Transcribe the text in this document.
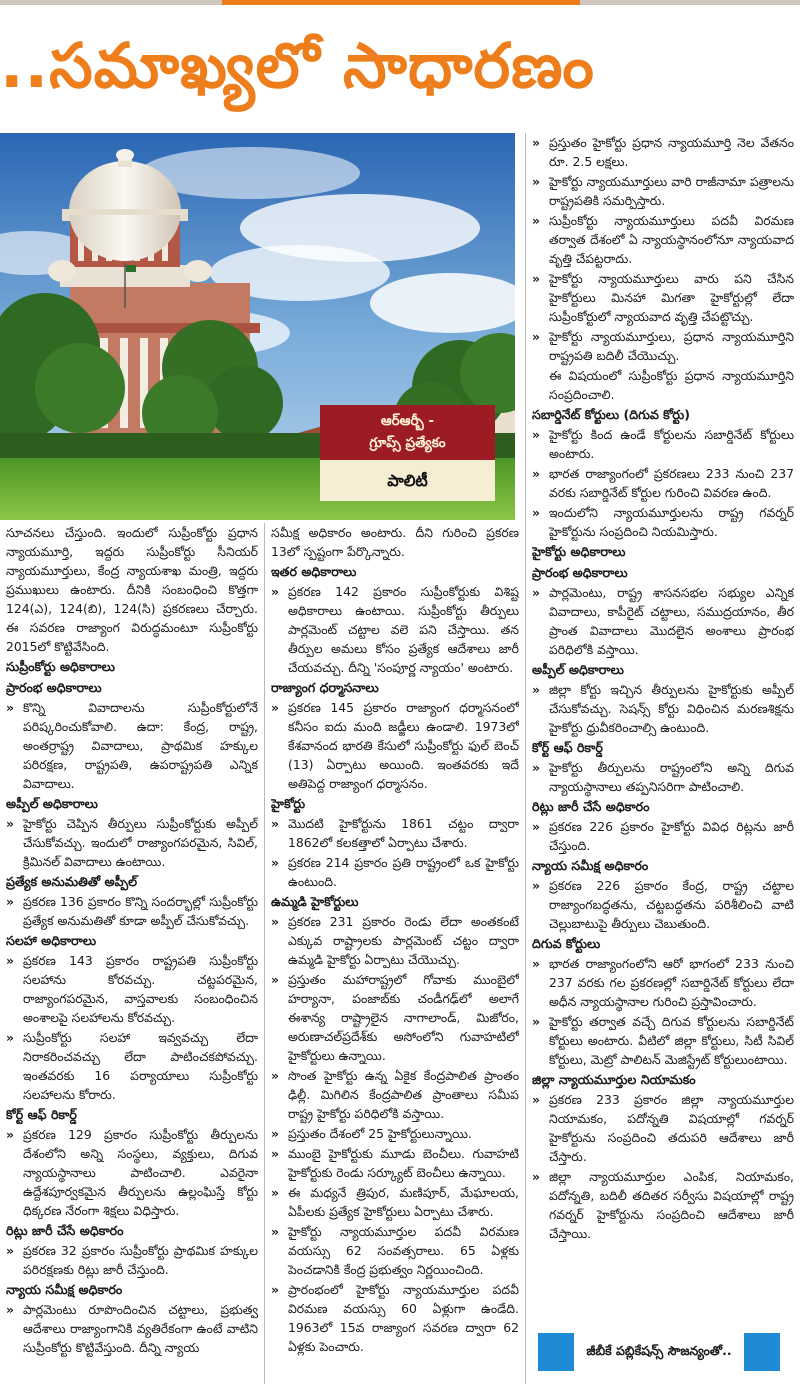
..సమాఖ్యలో సాధారణం
ఆర్ఆర్బీ -
గ్రూప్స్ ప్రత్యేకం
పాలిటీ
సూచనలు చేస్తుంది. ఇందులో సుప్రీంకోర్టు ప్రధాన న్యాయమూర్తి, ఇద్దరు సుప్రీంకోర్టు సీనియర్ న్యాయమూర్తులు, కేంద్ర న్యాయశాఖ మంత్రి, ఇద్దరు ప్రముఖులు ఉంటారు. దీనికి సంబంధించి కొత్తగా 124(ఎ), 124(బి), 124(సి) ప్రకరణలు చేర్చారు. ఈ సవరణ రాజ్యాంగ విరుద్ధమంటూ సుప్రీంకోర్టు 2015లో కొట్టివేసింది.
సుప్రీంకోర్టు అధికారాలు
ప్రారంభ అధికారాలు
» కొన్ని వివాదాలను సుప్రీంకోర్టులోనే పరిష్కరించుకోవాలి. ఉదా: కేంద్ర, రాష్ట్ర, అంతర్రాష్ట్ర వివాదాలు, ప్రాథమిక హక్కుల పరిరక్షణ, రాష్ట్రపతి, ఉపరాష్ట్రపతి ఎన్నిక వివాదాలు.
అప్పీల్ అధికారాలు
» హైకోర్టు చెప్పిన తీర్పులు సుప్రీంకోర్టుకు అప్పీల్ చేసుకోవచ్చు. ఇందులో రాజ్యాంగపరమైన, సివిల్, క్రిమినల్ వివాదాలు ఉంటాయి.
ప్రత్యేక అనుమతితో అప్పీల్
» ప్రకరణ 136 ప్రకారం కొన్ని సందర్భాల్లో సుప్రీంకోర్టు ప్రత్యేక అనుమతితో కూడా అప్పీల్ చేసుకోవచ్చు.
సలహా అధికారాలు
» ప్రకరణ 143 ప్రకారం రాష్ట్రపతి సుప్రీంకోర్టు సలహాను కోరవచ్చు. చట్టపరమైన, రాజ్యాంగపరమైన, వాస్తవాలకు సంబంధించిన అంశాలపై సలహాలను కోరవచ్చు.
» సుప్రీంకోర్టు సలహా ఇవ్వవచ్చు లేదా నిరాకరించవచ్చు లేదా పాటించకపోవచ్చు. ఇంతవరకు 16 పర్యాయాలు సుప్రీంకోర్టు సలహాలను కోరారు.
కోర్ట్ ఆఫ్ రికార్డ్
» ప్రకరణ 129 ప్రకారం సుప్రీంకోర్టు తీర్పులను దేశంలోని అన్ని సంస్థలు, వ్యక్తులు, దిగువ న్యాయస్థానాలు పాటించాలి. ఎవరైనా ఉద్దేశపూర్వకమైన తీర్పులను ఉల్లంఘిస్తే కోర్టు ధిక్కరణ నేరంగా శిక్షలు విధిస్తారు.
రిట్లు జారీ చేసే అధికారం
» ప్రకరణ 32 ప్రకారం సుప్రీంకోర్టు ప్రాథమిక హక్కుల పరిరక్షణకు రిట్లు జారీ చేస్తుంది.
న్యాయ సమీక్ష అధికారం
» పార్లమెంటు రూపొందించిన చట్టాలు, ప్రభుత్వ ఆదేశాలు రాజ్యాంగానికి వ్యతిరేకంగా ఉంటే వాటిని సుప్రీంకోర్టు కొట్టివేస్తుంది. దీన్ని న్యాయ
సమీక్ష అధికారం అంటారు. దీని గురించి ప్రకరణ 13లో స్పష్టంగా పేర్కొన్నారు.
ఇతర అధికారాలు
» ప్రకరణ 142 ప్రకారం సుప్రీంకోర్టుకు విశిష్ట అధికారాలు ఉంటాయి. సుప్రీంకోర్టు తీర్పులు పార్లమెంట్ చట్టాల వలె పని చేస్తాయి. తన తీర్పుల అమలు కోసం ప్రత్యేక ఆదేశాలు జారీ చేయవచ్చు. దీన్ని 'సంపూర్ణ న్యాయం' అంటారు.
రాజ్యాంగ ధర్మాసనాలు
» ప్రకరణ 145 ప్రకారం రాజ్యాంగ ధర్మాసనంలో కనీసం ఐదు మంది జడ్జీలు ఉండాలి. 1973లో కేశవానంద భారతి కేసులో సుప్రీంకోర్టు ఫుల్ బెంచ్ (13) ఏర్పాటు అయింది. ఇంతవరకు ఇదే అతిపెద్ద రాజ్యాంగ ధర్మాసనం.
హైకోర్టు
» మొదటి హైకోర్టును 1861 చట్టం ద్వారా 1862లో కలకత్తాలో ఏర్పాటు చేశారు.
» ప్రకరణ 214 ప్రకారం ప్రతి రాష్ట్రంలో ఒక హైకోర్టు ఉంటుంది.
ఉమ్మడి హైకోర్టులు
» ప్రకరణ 231 ప్రకారం రెండు లేదా అంతకంటే ఎక్కువ రాష్ట్రాలకు పార్లమెంట్ చట్టం ద్వారా ఉమ్మడి హైకోర్టు ఏర్పాటు చేయొచ్చు.
» ప్రస్తుతం మహారాష్ట్రలో గోవాకు ముంబైలో హర్యానా, పంజాబ్‌కు చండీగఢ్‌లో అలాగే ఈశాన్య రాష్ట్రాలైన నాగాలాండ్, మిజోరం, అరుణాచల్‌ప్రదేశ్‌కు అసోంలోని గువాహటిలో హైకోర్టులు ఉన్నాయి.
» సొంత హైకోర్టు ఉన్న ఏకైక కేంద్రపాలిత ప్రాంతం ఢిల్లీ. మిగిలిన కేంద్రపాలిత ప్రాంతాలు సమీప రాష్ట్ర హైకోర్టు పరిధిలోకి వస్తాయి.
» ప్రస్తుతం దేశంలో 25 హైకోర్టులున్నాయి.
» ముంబై హైకోర్టుకు మూడు బెంచీలు. గువాహటి హైకోర్టుకు రెండు సర్క్యూట్ బెంచీలు ఉన్నాయి.
» ఈ మధ్యనే త్రిపుర, మణిపూర్, మేఘాలయ, ఏపీలకు ప్రత్యేక హైకోర్టులు ఏర్పాటు చేశారు.
» హైకోర్టు న్యాయమూర్తుల పదవీ విరమణ వయస్సు 62 సంవత్సరాలు. 65 ఏళ్లకు పెంచడానికి కేంద్ర ప్రభుత్వం నిర్ణయించింది.
» ప్రారంభంలో హైకోర్టు న్యాయమూర్తుల పదవీ విరమణ వయస్సు 60 ఏళ్లుగా ఉండేది. 1963లో 15వ రాజ్యాంగ సవరణ ద్వారా 62 ఏళ్లకు పెంచారు.
» ప్రస్తుతం హైకోర్టు ప్రధాన న్యాయమూర్తి నెల వేతనం రూ. 2.5 లక్షలు.
» హైకోర్టు న్యాయమూర్తులు వారి రాజీనామా పత్రాలను రాష్ట్రపతికి సమర్పిస్తారు.
» సుప్రీంకోర్టు న్యాయమూర్తులు పదవీ విరమణ తర్వాత దేశంలో ఏ న్యాయస్థానంలోనూ న్యాయవాద వృత్తి చేపట్టరాదు.
» హైకోర్టు న్యాయమూర్తులు వారు పని చేసిన హైకోర్టులు మినహా మిగతా హైకోర్టుల్లో లేదా సుప్రీంకోర్టులో న్యాయవాద వృత్తి చేపట్టొచ్చు.
» హైకోర్టు న్యాయమూర్తులు, ప్రధాన న్యాయమూర్తిని రాష్ట్రపతి బదిలీ చేయొచ్చు.
ఈ విషయంలో సుప్రీంకోర్టు ప్రధాన న్యాయమూర్తిని సంప్రదించాలి.
సబార్డినేట్ కోర్టులు (దిగువ కోర్టు)
» హైకోర్టు కింద ఉండే కోర్టులను సబార్డినేట్ కోర్టులు అంటారు.
» భారత రాజ్యాంగంలో ప్రకరణలు 233 నుంచి 237 వరకు సబార్డినేట్ కోర్టుల గురించి వివరణ ఉంది.
» ఇందులోని న్యాయమూర్తులను రాష్ట్ర గవర్నర్ హైకోర్టును సంప్రదించి నియమిస్తారు.
హైకోర్టు అధికారాలు
ప్రారంభ అధికారాలు
» పార్లమెంటు, రాష్ట్ర శాసనసభల సభ్యుల ఎన్నిక వివాదాలు, కాపీరైట్ చట్టాలు, సముద్రయానం, తీర ప్రాంత వివాదాలు మొదలైన అంశాలు ప్రారంభ పరిధిలోకి వస్తాయి.
అప్పీల్ అధికారాలు
» జిల్లా కోర్టు ఇచ్చిన తీర్పులను హైకోర్టుకు అప్పీల్ చేసుకోవచ్చు. సెషన్స్ కోర్టు విధించిన మరణశిక్షను హైకోర్టు ధ్రువీకరించాల్సి ఉంటుంది.
కోర్ట్ ఆఫ్ రికార్డ్
» హైకోర్టు తీర్పులను రాష్ట్రంలోని అన్ని దిగువ న్యాయస్థానాలు తప్పనిసరిగా పాటించాలి.
రిట్లు జారీ చేసే అధికారం
» ప్రకరణ 226 ప్రకారం హైకోర్టు వివిధ రిట్లను జారీ చేస్తుంది.
న్యాయ సమీక్ష అధికారం
» ప్రకరణ 226 ప్రకారం కేంద్ర, రాష్ట్ర చట్టాల రాజ్యాంగబద్ధతను, చట్టబద్ధతను పరిశీలించి వాటి చెల్లుబాటుపై తీర్పులు చెబుతుంది.
దిగువ కోర్టులు
» భారత రాజ్యాంగంలోని ఆరో భాగంలో 233 నుంచి 237 వరకు గల ప్రకరణల్లో సబార్డినేట్ కోర్టులు లేదా అధీన న్యాయస్థానాల గురించి ప్రస్తావించారు.
» హైకోర్టు తర్వాత వచ్చే దిగువ కోర్టులను సబార్డినేట్ కోర్టులు అంటారు. వీటిలో జిల్లా కోర్టులు, సిటీ సివిల్ కోర్టులు, మెట్రో పాలిటన్ మెజిస్ట్రేట్ కోర్టులుంటాయి.
జిల్లా న్యాయమూర్తుల నియామకం
» ప్రకరణ 233 ప్రకారం జిల్లా న్యాయమూర్తుల నియామకం, పదోన్నతి విషయాల్లో గవర్నర్ హైకోర్టును సంప్రదించి తదుపరి ఆదేశాలు జారీ చేస్తారు.
» జిల్లా న్యాయమూర్తుల ఎంపిక, నియామకం, పదోన్నతి, బదిలీ తదితర సర్వీసు విషయాల్లో రాష్ట్ర గవర్నర్ హైకోర్టును సంప్రదించి ఆదేశాలు జారీ చేస్తాయి.
జీబీకే పబ్లికేషన్స్ సౌజన్యంతో..
